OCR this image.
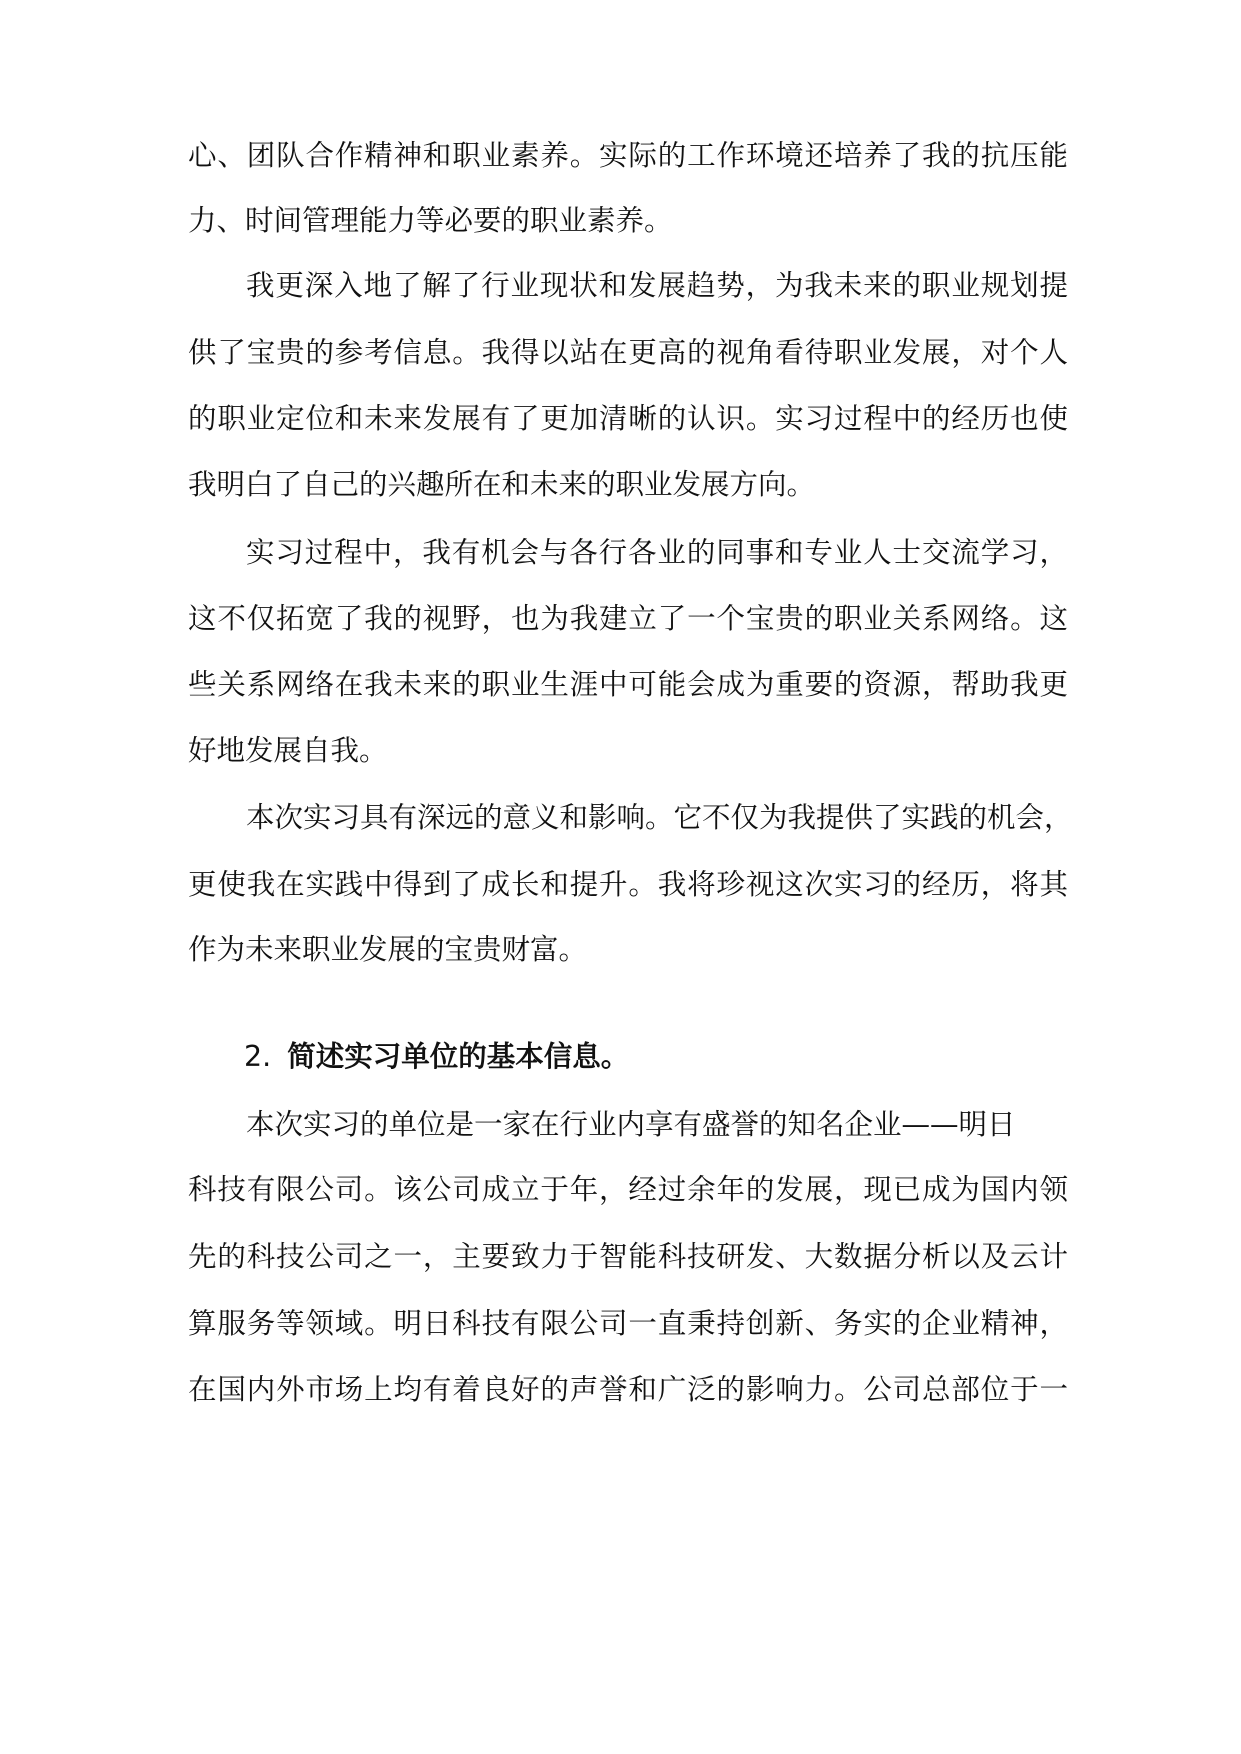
心、团队合作精神和职业素养。实际的工作环境还培养了我的抗压能
力、时间管理能力等必要的职业素养。
我更深入地了解了行业现状和发展趋势，为我未来的职业规划提
供了宝贵的参考信息。我得以站在更高的视角看待职业发展，对个人
的职业定位和未来发展有了更加清晰的认识。实习过程中的经历也使
我明白了自己的兴趣所在和未来的职业发展方向。
实习过程中，我有机会与各行各业的同事和专业人士交流学习，
这不仅拓宽了我的视野，也为我建立了一个宝贵的职业关系网络。这
些关系网络在我未来的职业生涯中可能会成为重要的资源，帮助我更
好地发展自我。
本次实习具有深远的意义和影响。它不仅为我提供了实践的机会，
更使我在实践中得到了成长和提升。我将珍视这次实习的经历，将其
作为未来职业发展的宝贵财富。
2. 简述实习单位的基本信息。
本次实习的单位是一家在行业内享有盛誉的知名企业——明日
科技有限公司。该公司成立于年，经过余年的发展，现已成为国内领
先的科技公司之一，主要致力于智能科技研发、大数据分析以及云计
算服务等领域。明日科技有限公司一直秉持创新、务实的企业精神，
在国内外市场上均有着良好的声誉和广泛的影响力。公司总部位于一
